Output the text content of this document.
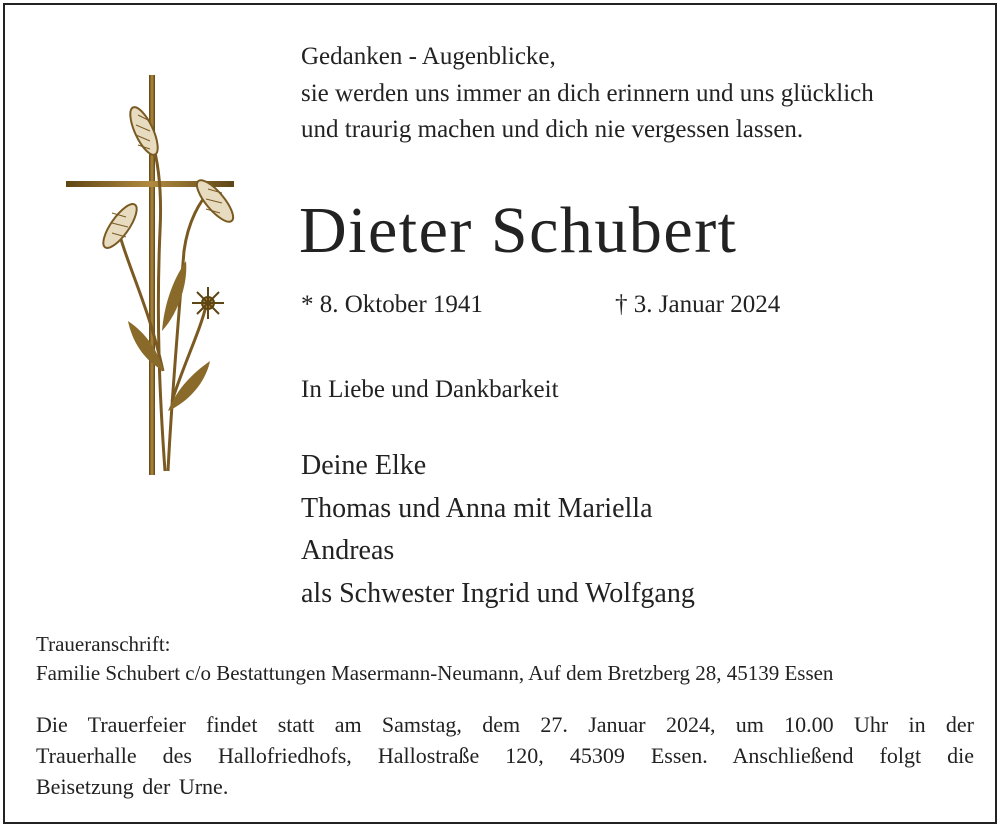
Gedanken - Augenblicke,
sie werden uns immer an dich erinnern und uns glücklich
und traurig machen und dich nie vergessen lassen.
Dieter Schubert
* 8. Oktober 1941	† 3. Januar 2024
In Liebe und Dankbarkeit
Deine Elke
Thomas und Anna mit Mariella
Andreas
als Schwester Ingrid und Wolfgang
Traueranschrift:
Familie Schubert c/o Bestattungen Masermann-Neumann, Auf dem Bretzberg 28, 45139 Essen
Die Trauerfeier findet statt am Samstag, dem 27. Januar 2024, um 10.00 Uhr in der
Trauerhalle des Hallofriedhofs, Hallostraße 120, 45309 Essen. Anschließend folgt die
Beisetzung der Urne.
